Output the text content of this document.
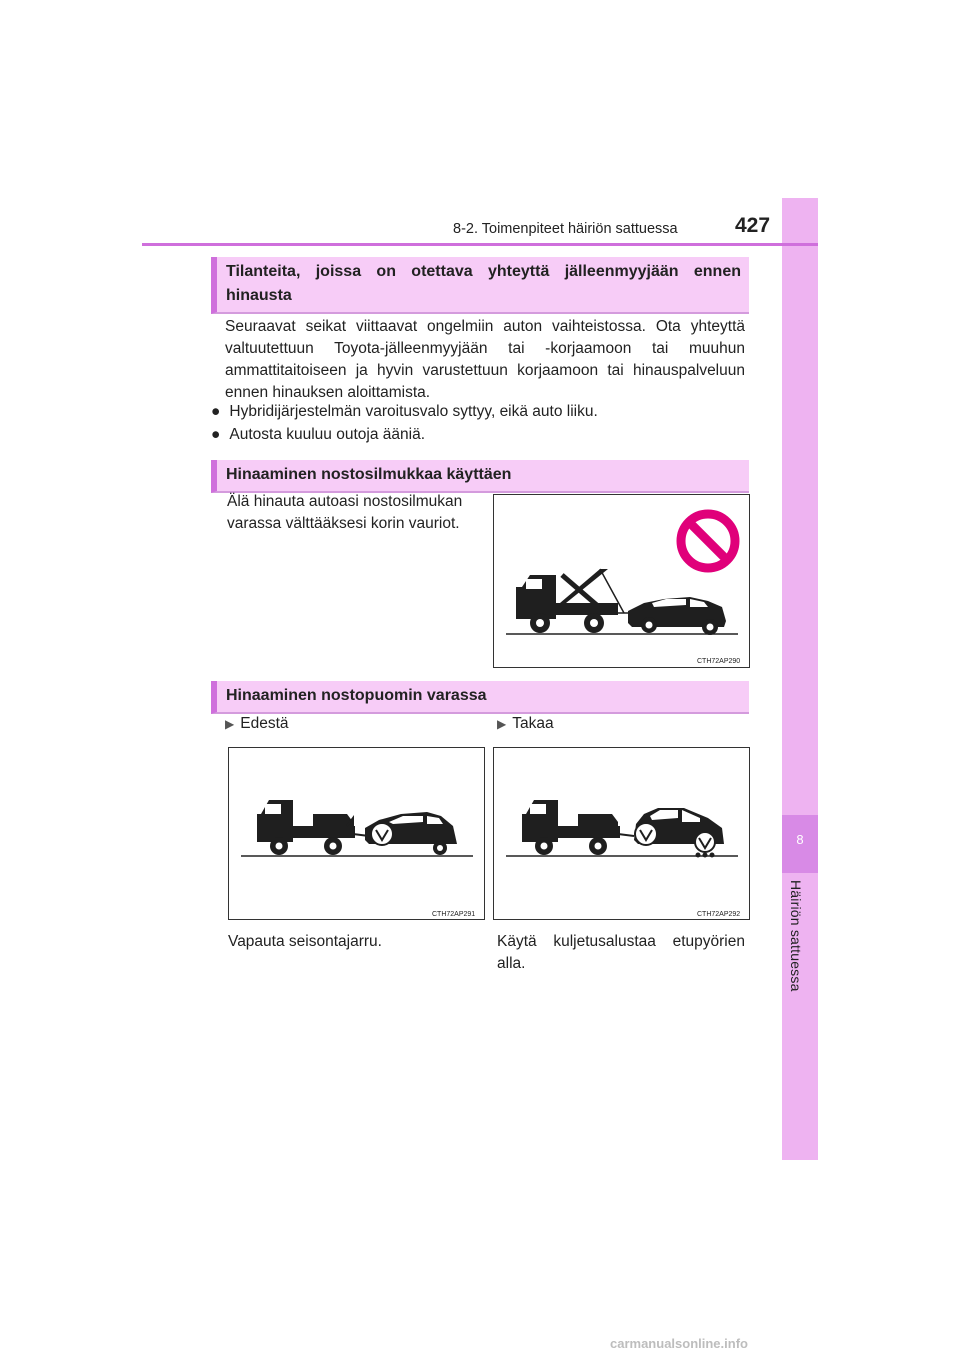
8
Häiriön sattuessa
8-2. Toimenpiteet häiriön sattuessa	427
Tilanteita, joissa on otettava yhteyttä jälleenmyyjään ennen hinausta
Seuraavat seikat viittaavat ongelmiin auton vaihteistossa. Ota yhteyttä valtuutettuun Toyota-jälleenmyyjään tai -korjaamoon tai muuhun ammattitaitoiseen ja hyvin varustettuun korjaamoon tai hinauspalveluun ennen hinauksen aloittamista.
● Hybridijärjestelmän varoitusvalo syttyy, eikä auto liiku.
● Autosta kuuluu outoja ääniä.
Hinaaminen nostosilmukkaa käyttäen
Älä hinauta autoasi nostosilmukan varassa välttääksesi korin vauriot.
CTH72AP290
Hinaaminen nostopuomin varassa
▶ Edestä	▶ Takaa
CTH72AP291	CTH72AP292
Vapauta seisontajarru.	Käytä kuljetusalustaa etupyörien alla.
carmanualsonline.info
